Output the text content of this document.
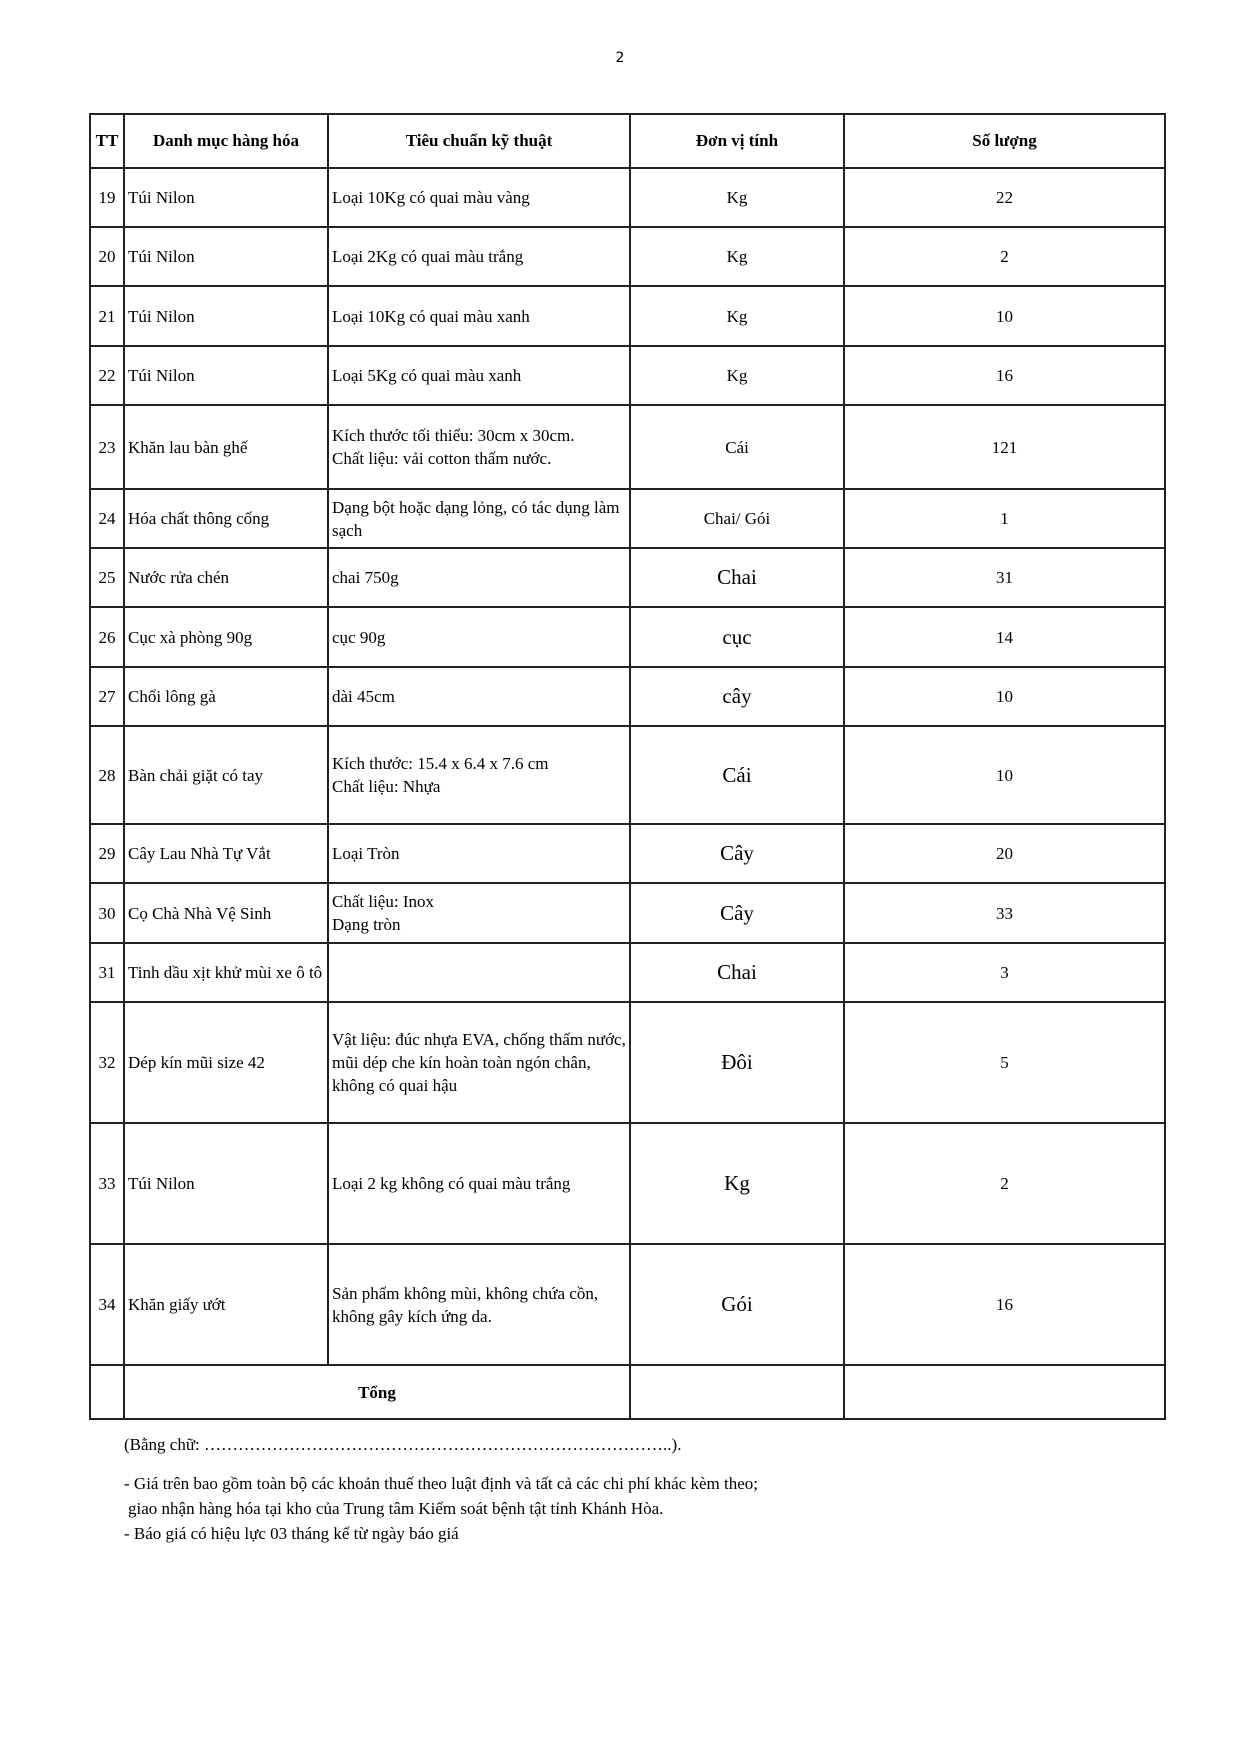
2
TT	Danh mục hàng hóa	Tiêu chuẩn kỹ thuật	Đơn vị tính	Số lượng
19	Túi Nilon	Loại 10Kg có quai màu vàng	Kg	22
20	Túi Nilon	Loại 2Kg có quai màu trắng	Kg	2
21	Túi Nilon	Loại 10Kg có quai màu xanh	Kg	10
22	Túi Nilon	Loại 5Kg có quai màu xanh	Kg	16
23	Khăn lau bàn ghế	Kích thước tối thiểu: 30cm x 30cm.
Chất liệu: vải cotton thấm nước.	Cái	121
24	Hóa chất thông cống	Dạng bột hoặc dạng lỏng, có tác dụng làm sạch	Chai/ Gói	1
25	Nước rửa chén	chai 750g	Chai	31
26	Cục xà phòng 90g	cục 90g	cục	14
27	Chổi lông gà	dài 45cm	cây	10
28	Bàn chải giặt có tay	Kích thước: 15.4 x 6.4 x 7.6 cm
Chất liệu: Nhựa	Cái	10
29	Cây Lau Nhà Tự Vắt	Loại Tròn	Cây	20
30	Cọ Chà Nhà Vệ Sinh	Chất liệu: Inox
Dạng tròn	Cây	33
31	Tinh dầu xịt khử mùi xe ô tô		Chai	3
32	Dép kín mũi size 42	Vật liệu: đúc nhựa EVA, chống thấm nước, mũi dép che kín hoàn toàn ngón chân, không có quai hậu	Đôi	5
33	Túi Nilon	Loại 2 kg không có quai màu trắng	Kg	2
34	Khăn giấy ướt	Sản phẩm không mùi, không chứa cồn, không gây kích ứng da.	Gói	16
	Tổng			

(Bằng chữ: ………………………………………………………………………..).

- Giá trên bao gồm toàn bộ các khoản thuế theo luật định và tất cả các chi phí khác kèm theo;

giao nhận hàng hóa tại kho của Trung tâm Kiểm soát bệnh tật tỉnh Khánh Hòa.

- Báo giá có hiệu lực 03 tháng kể từ ngày báo giá
